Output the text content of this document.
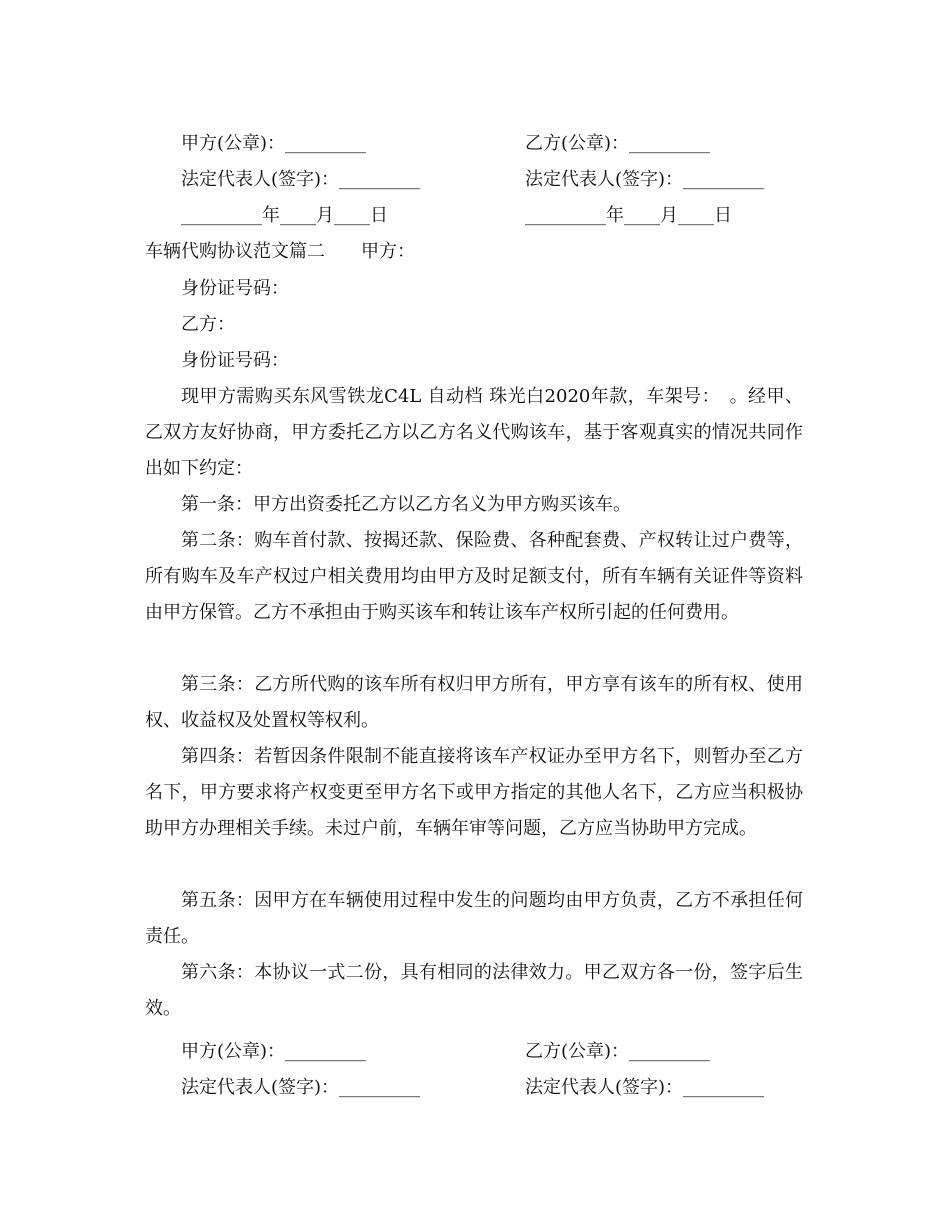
甲方(公章)：_________	乙方(公章)：_________
法定代表人(签字)：_________	法定代表人(签字)：_________
_________年____月____日	_________年____月____日
车辆代购协议范文篇二　　甲方：
身份证号码：
乙方：
身份证号码：
现甲方需购买东风雪铁龙C4L 自动档 珠光白2020年款，车架号：　。经甲、乙双方友好协商，甲方委托乙方以乙方名义代购该车，基于客观真实的情况共同作出如下约定：
第一条：甲方出资委托乙方以乙方名义为甲方购买该车。
第二条：购车首付款、按揭还款、保险费、各种配套费、产权转让过户费等，所有购车及车产权过户相关费用均由甲方及时足额支付，所有车辆有关证件等资料由甲方保管。乙方不承担由于购买该车和转让该车产权所引起的任何费用。
第三条：乙方所代购的该车所有权归甲方所有，甲方享有该车的所有权、使用权、收益权及处置权等权利。
第四条：若暂因条件限制不能直接将该车产权证办至甲方名下，则暂办至乙方名下，甲方要求将产权变更至甲方名下或甲方指定的其他人名下，乙方应当积极协助甲方办理相关手续。未过户前，车辆年审等问题，乙方应当协助甲方完成。
第五条：因甲方在车辆使用过程中发生的问题均由甲方负责，乙方不承担任何责任。
第六条：本协议一式二份，具有相同的法律效力。甲乙双方各一份，签字后生效。
甲方(公章)：_________	乙方(公章)：_________
法定代表人(签字)：_________	法定代表人(签字)：_________
